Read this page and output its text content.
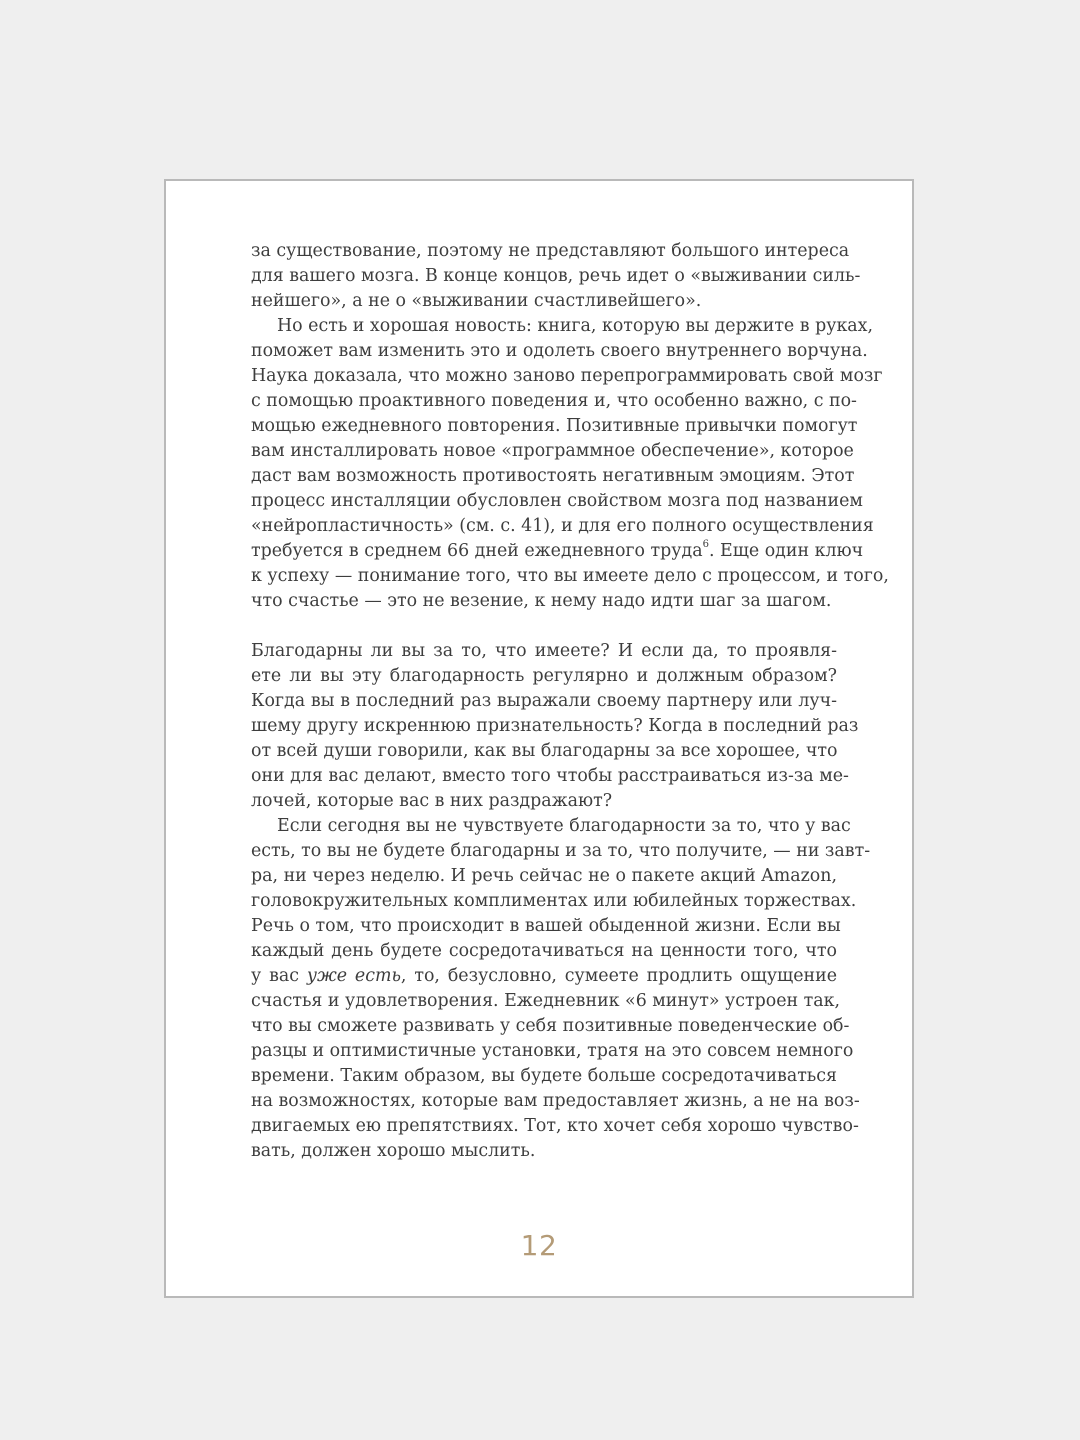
за существование, поэтому не представляют большого интереса
для вашего мозга. В конце концов, речь идет о «выживании силь-
нейшего», а не о «выживании счастливейшего».
Но есть и хорошая новость: книга, которую вы держите в руках,
поможет вам изменить это и одолеть своего внутреннего ворчуна.
Наука доказала, что можно заново перепрограммировать свой мозг
с помощью проактивного поведения и, что особенно важно, с по-
мощью ежедневного повторения. Позитивные привычки помогут
вам инсталлировать новое «программное обеспечение», которое
даст вам возможность противостоять негативным эмоциям. Этот
процесс инсталляции обусловлен свойством мозга под названием
«нейропластичность» (см. с. 41), и для его полного осуществления
требуется в среднем 66 дней ежедневного труда$^6$. Еще один ключ
к успеху — понимание того, что вы имеете дело с процессом, и того,
что счастье — это не везение, к нему надо идти шаг за шагом.
Благодарны ли вы за то, что имеете? И если да, то проявля-
ете ли вы эту благодарность регулярно и должным образом?
Когда вы в последний раз выражали своему партнеру или луч-
шему другу искреннюю признательность? Когда в последний раз
от всей души говорили, как вы благодарны за все хорошее, что
они для вас делают, вместо того чтобы расстраиваться из-за ме-
лочей, которые вас в них раздражают?
Если сегодня вы не чувствуете благодарности за то, что у вас
есть, то вы не будете благодарны и за то, что получите, — ни завт-
ра, ни через неделю. И речь сейчас не о пакете акций Amazon,
головокружительных комплиментах или юбилейных торжествах.
Речь о том, что происходит в вашей обыденной жизни. Если вы
каждый день будете сосредотачиваться на ценности того, что
у вас уже есть, то, безусловно, сумеете продлить ощущение
счастья и удовлетворения. Ежедневник «6 минут» устроен так,
что вы сможете развивать у себя позитивные поведенческие об-
разцы и оптимистичные установки, тратя на это совсем немного
времени. Таким образом, вы будете больше сосредотачиваться
на возможностях, которые вам предоставляет жизнь, а не на воз-
двигаемых ею препятствиях. Тот, кто хочет себя хорошо чувство-
вать, должен хорошо мыслить.
12
